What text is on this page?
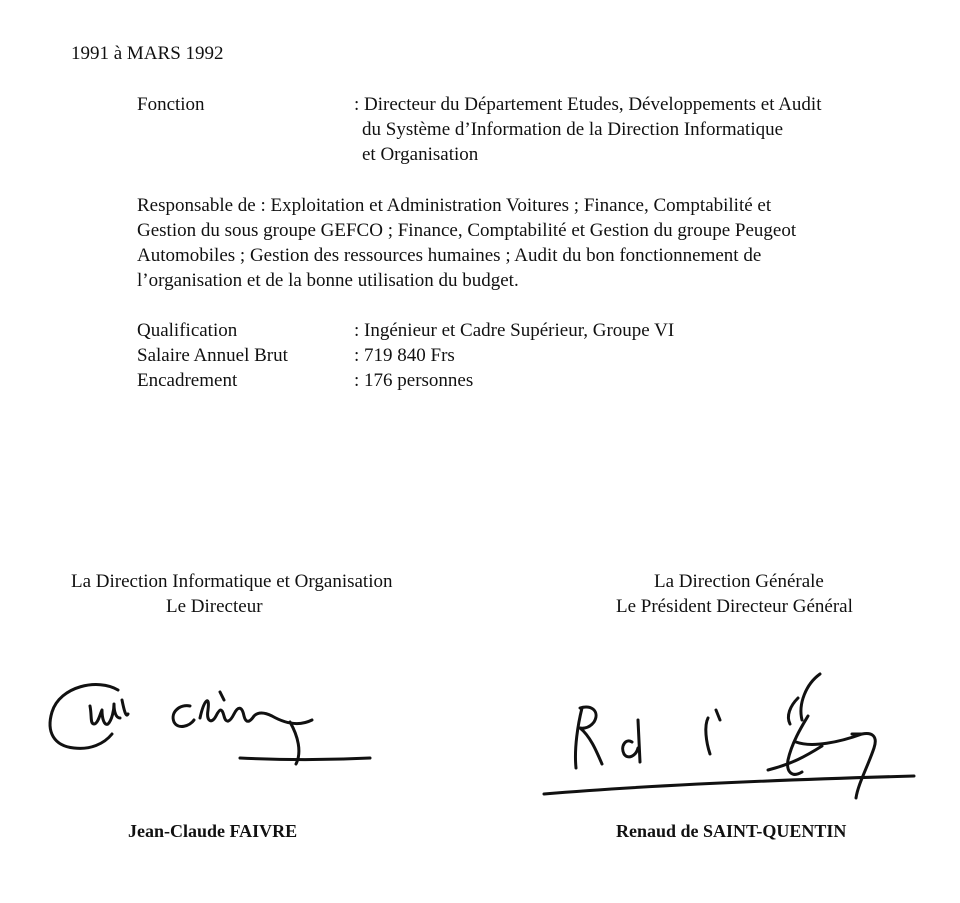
1991 à MARS 1992
Fonction	: Directeur du Département Etudes, Développements et Audit
du Système d’Information de la Direction Informatique
et Organisation
Responsable de : Exploitation et Administration Voitures ; Finance, Comptabilité et
Gestion du sous groupe GEFCO ; Finance, Comptabilité et Gestion du groupe Peugeot
Automobiles ; Gestion des ressources humaines ; Audit du bon fonctionnement de
l’organisation et de la bonne utilisation du budget.
Qualification	: Ingénieur et Cadre Supérieur, Groupe VI
Salaire Annuel Brut	: 719 840 Frs
Encadrement	: 176 personnes
La Direction Informatique et Organisation
Le Directeur
Jean-Claude FAIVRE
La Direction Générale
Le Président Directeur Général
Renaud de SAINT-QUENTIN
